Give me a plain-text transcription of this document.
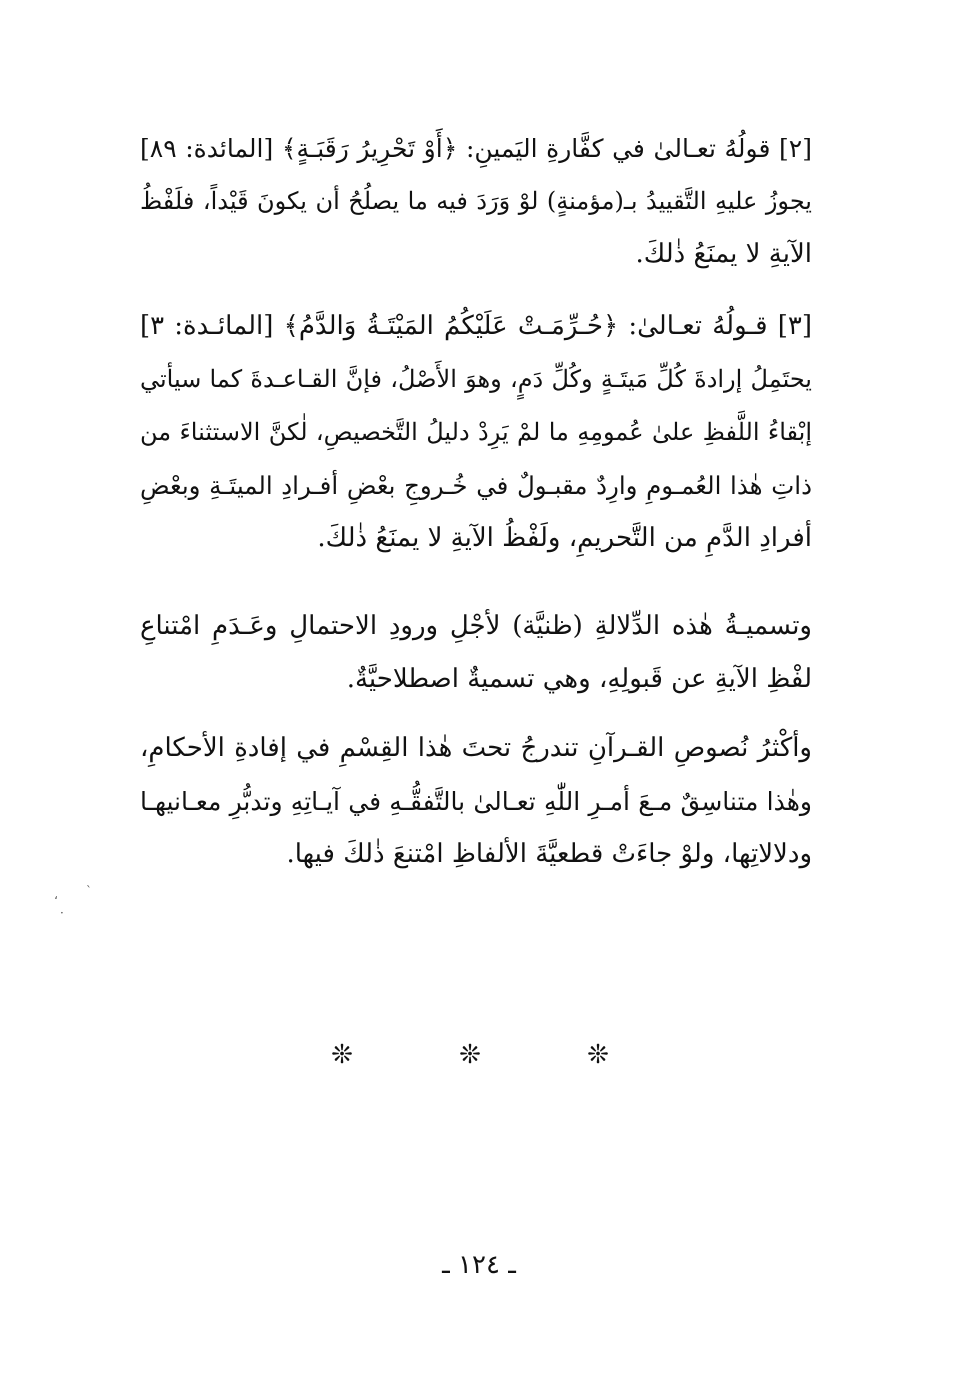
[٢] قولُهُ تعـالىٰ في كفَّارةِ اليَمينِ: ﴿أَوْ تَحْرِيرُ رَقَبَـةٍ﴾ [المائدة: ٨٩]
يجوزُ عليهِ التَّقييدُ بـ(مؤمنةٍ) لوْ وَرَدَ فيه ما يصلُحُ أن يكونَ قَيْداً، فلَفْظُ
الآيةِ لا يمنَعُ ذٰلكَ.
[٣] قـولُهُ تعـالىٰ: ﴿حُـرِّمَـتْ عَلَيْكُمُ المَيْتَـةُ وَالدَّمُ﴾ [المائـدة: ٣]
يحتَمِلُ إرادةَ كُلِّ مَيتَـةٍ وكُلِّ دَمٍ، وهوَ الأَصْلُ، فإنَّ القـاعـدةَ كما سيأتي
إبْقاءُ اللَّفظِ علىٰ عُمومِهِ ما لمْ يَرِدْ دليلُ التَّخصيصِ، لٰكنَّ الاستثناءَ من
ذاتِ هٰذا العُمـومِ وارِدٌ مقبـولٌ في خُـروجِ بعْضِ أفـرادِ الميتَـةِ وبعْضِ
أفرادِ الدَّمِ من التَّحريمِ، ولَفْظُ الآيةِ لا يمنَعُ ذٰلكَ.
وتسميـةُ هٰذه الدِّلالةِ (ظنيَّة) لأجْلِ ورودِ الاحتمالِ وعَـدَمِ امْتناعِ
لفْظِ الآيةِ عن قَبولِهِ، وهي تسميةٌ اصطلاحيَّةٌ.
وأكْثرُ نُصوصِ القـرآنِ تندرجُ تحتَ هٰذا القِسْمِ في إفادةِ الأحكامِ،
وهٰذا متناسِقٌ مـعَ أمـرِ اللّٰهِ تعـالىٰ بالتَّفقُّـهِ في آيـاتِهِ وتدبُّرِ معـانيهـا
ودلالاتِها، ولوْ جاءَتْ قطعيَّةَ الألفاظِ امْتنعَ ذٰلكَ فيها.
، `
·
❊	❊	❊
ـ ١٢٤ ـ
